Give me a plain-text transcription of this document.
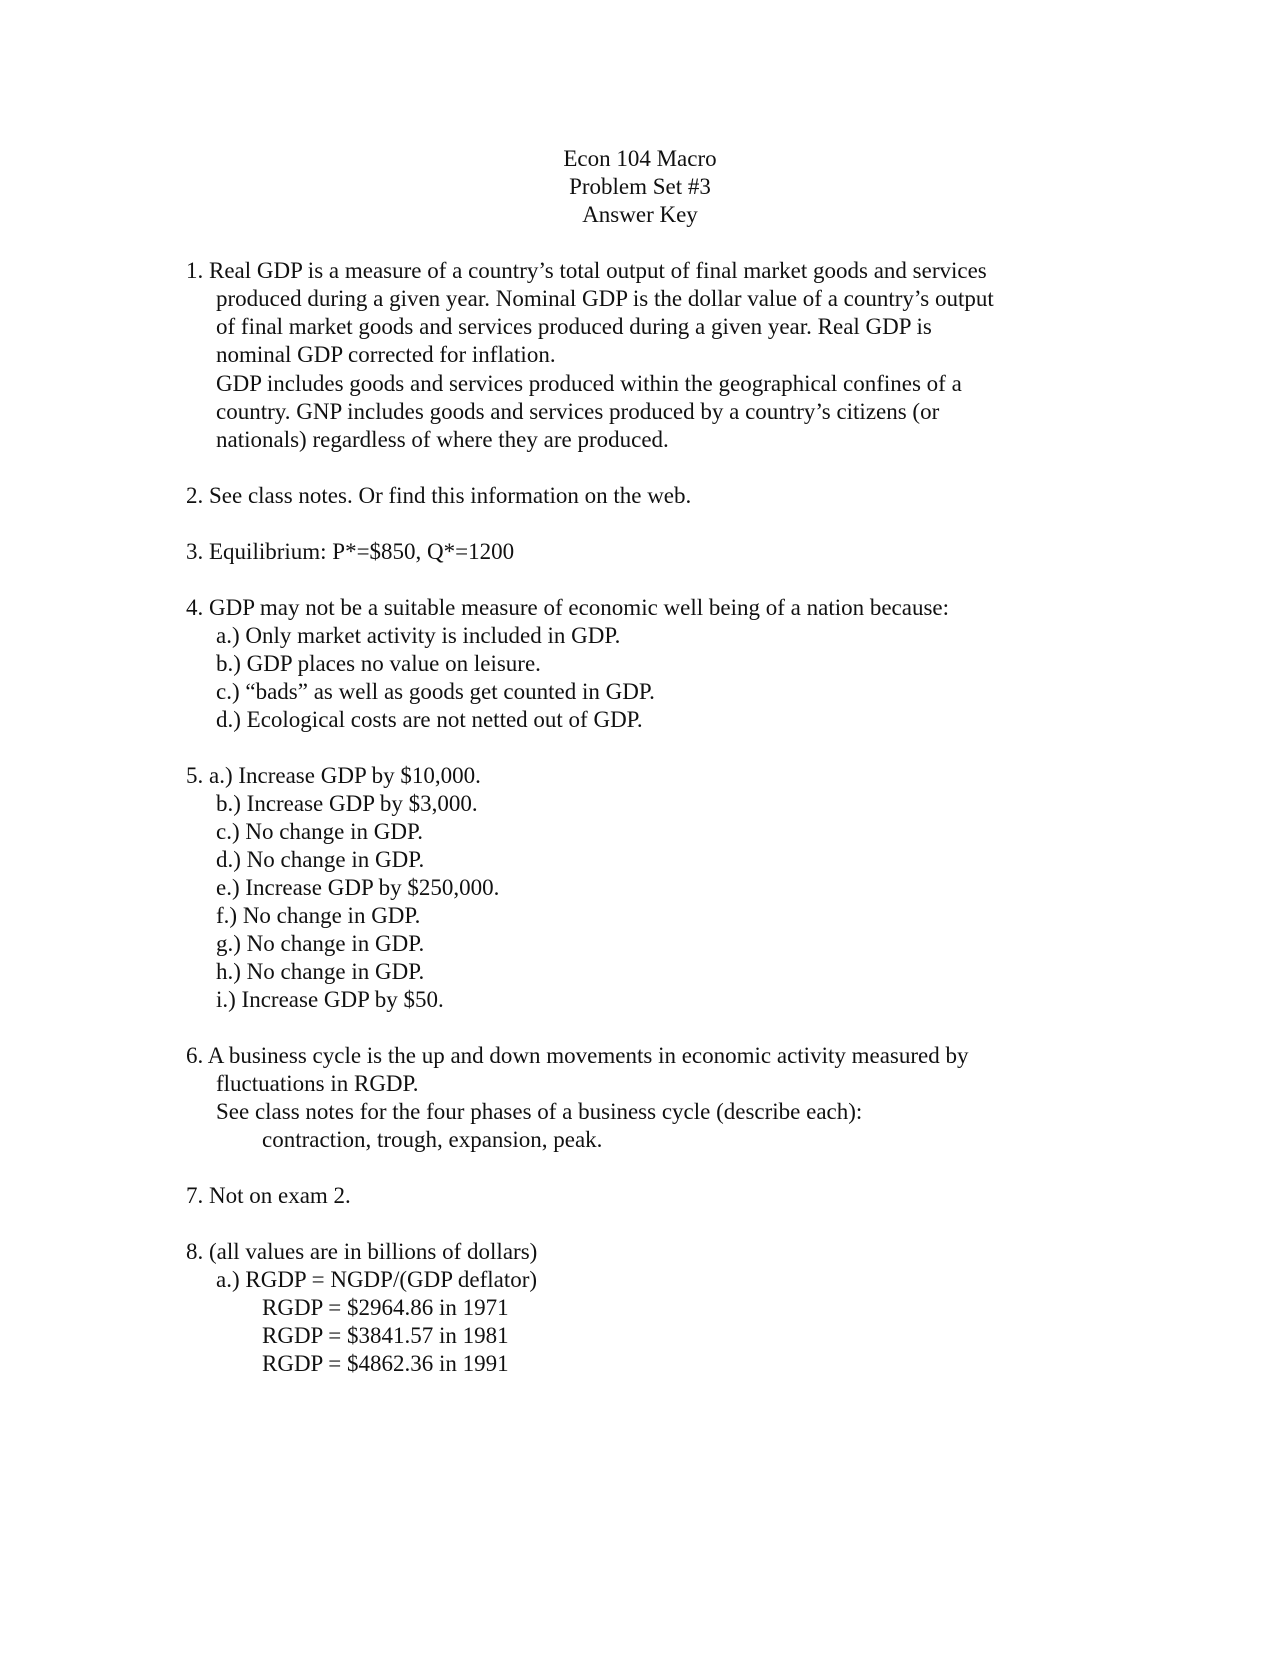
Econ 104 Macro
Problem Set #3
Answer Key
1. Real GDP is a measure of a country’s total output of final market goods and services
produced during a given year. Nominal GDP is the dollar value of a country’s output
of final market goods and services produced during a given year. Real GDP is
nominal GDP corrected for inflation.
GDP includes goods and services produced within the geographical confines of a
country. GNP includes goods and services produced by a country’s citizens (or
nationals) regardless of where they are produced.
2. See class notes. Or find this information on the web.
3. Equilibrium: P*=$850, Q*=1200
4. GDP may not be a suitable measure of economic well being of a nation because:
a.) Only market activity is included in GDP.
b.) GDP places no value on leisure.
c.) “bads” as well as goods get counted in GDP.
d.) Ecological costs are not netted out of GDP.
5. a.) Increase GDP by $10,000.
b.) Increase GDP by $3,000.
c.) No change in GDP.
d.) No change in GDP.
e.) Increase GDP by $250,000.
f.) No change in GDP.
g.) No change in GDP.
h.) No change in GDP.
i.) Increase GDP by $50.
6. A business cycle is the up and down movements in economic activity measured by
fluctuations in RGDP.
See class notes for the four phases of a business cycle (describe each):
contraction, trough, expansion, peak.
7. Not on exam 2.
8. (all values are in billions of dollars)
a.) RGDP = NGDP/(GDP deflator)
RGDP = $2964.86 in 1971
RGDP = $3841.57 in 1981
RGDP = $4862.36 in 1991
